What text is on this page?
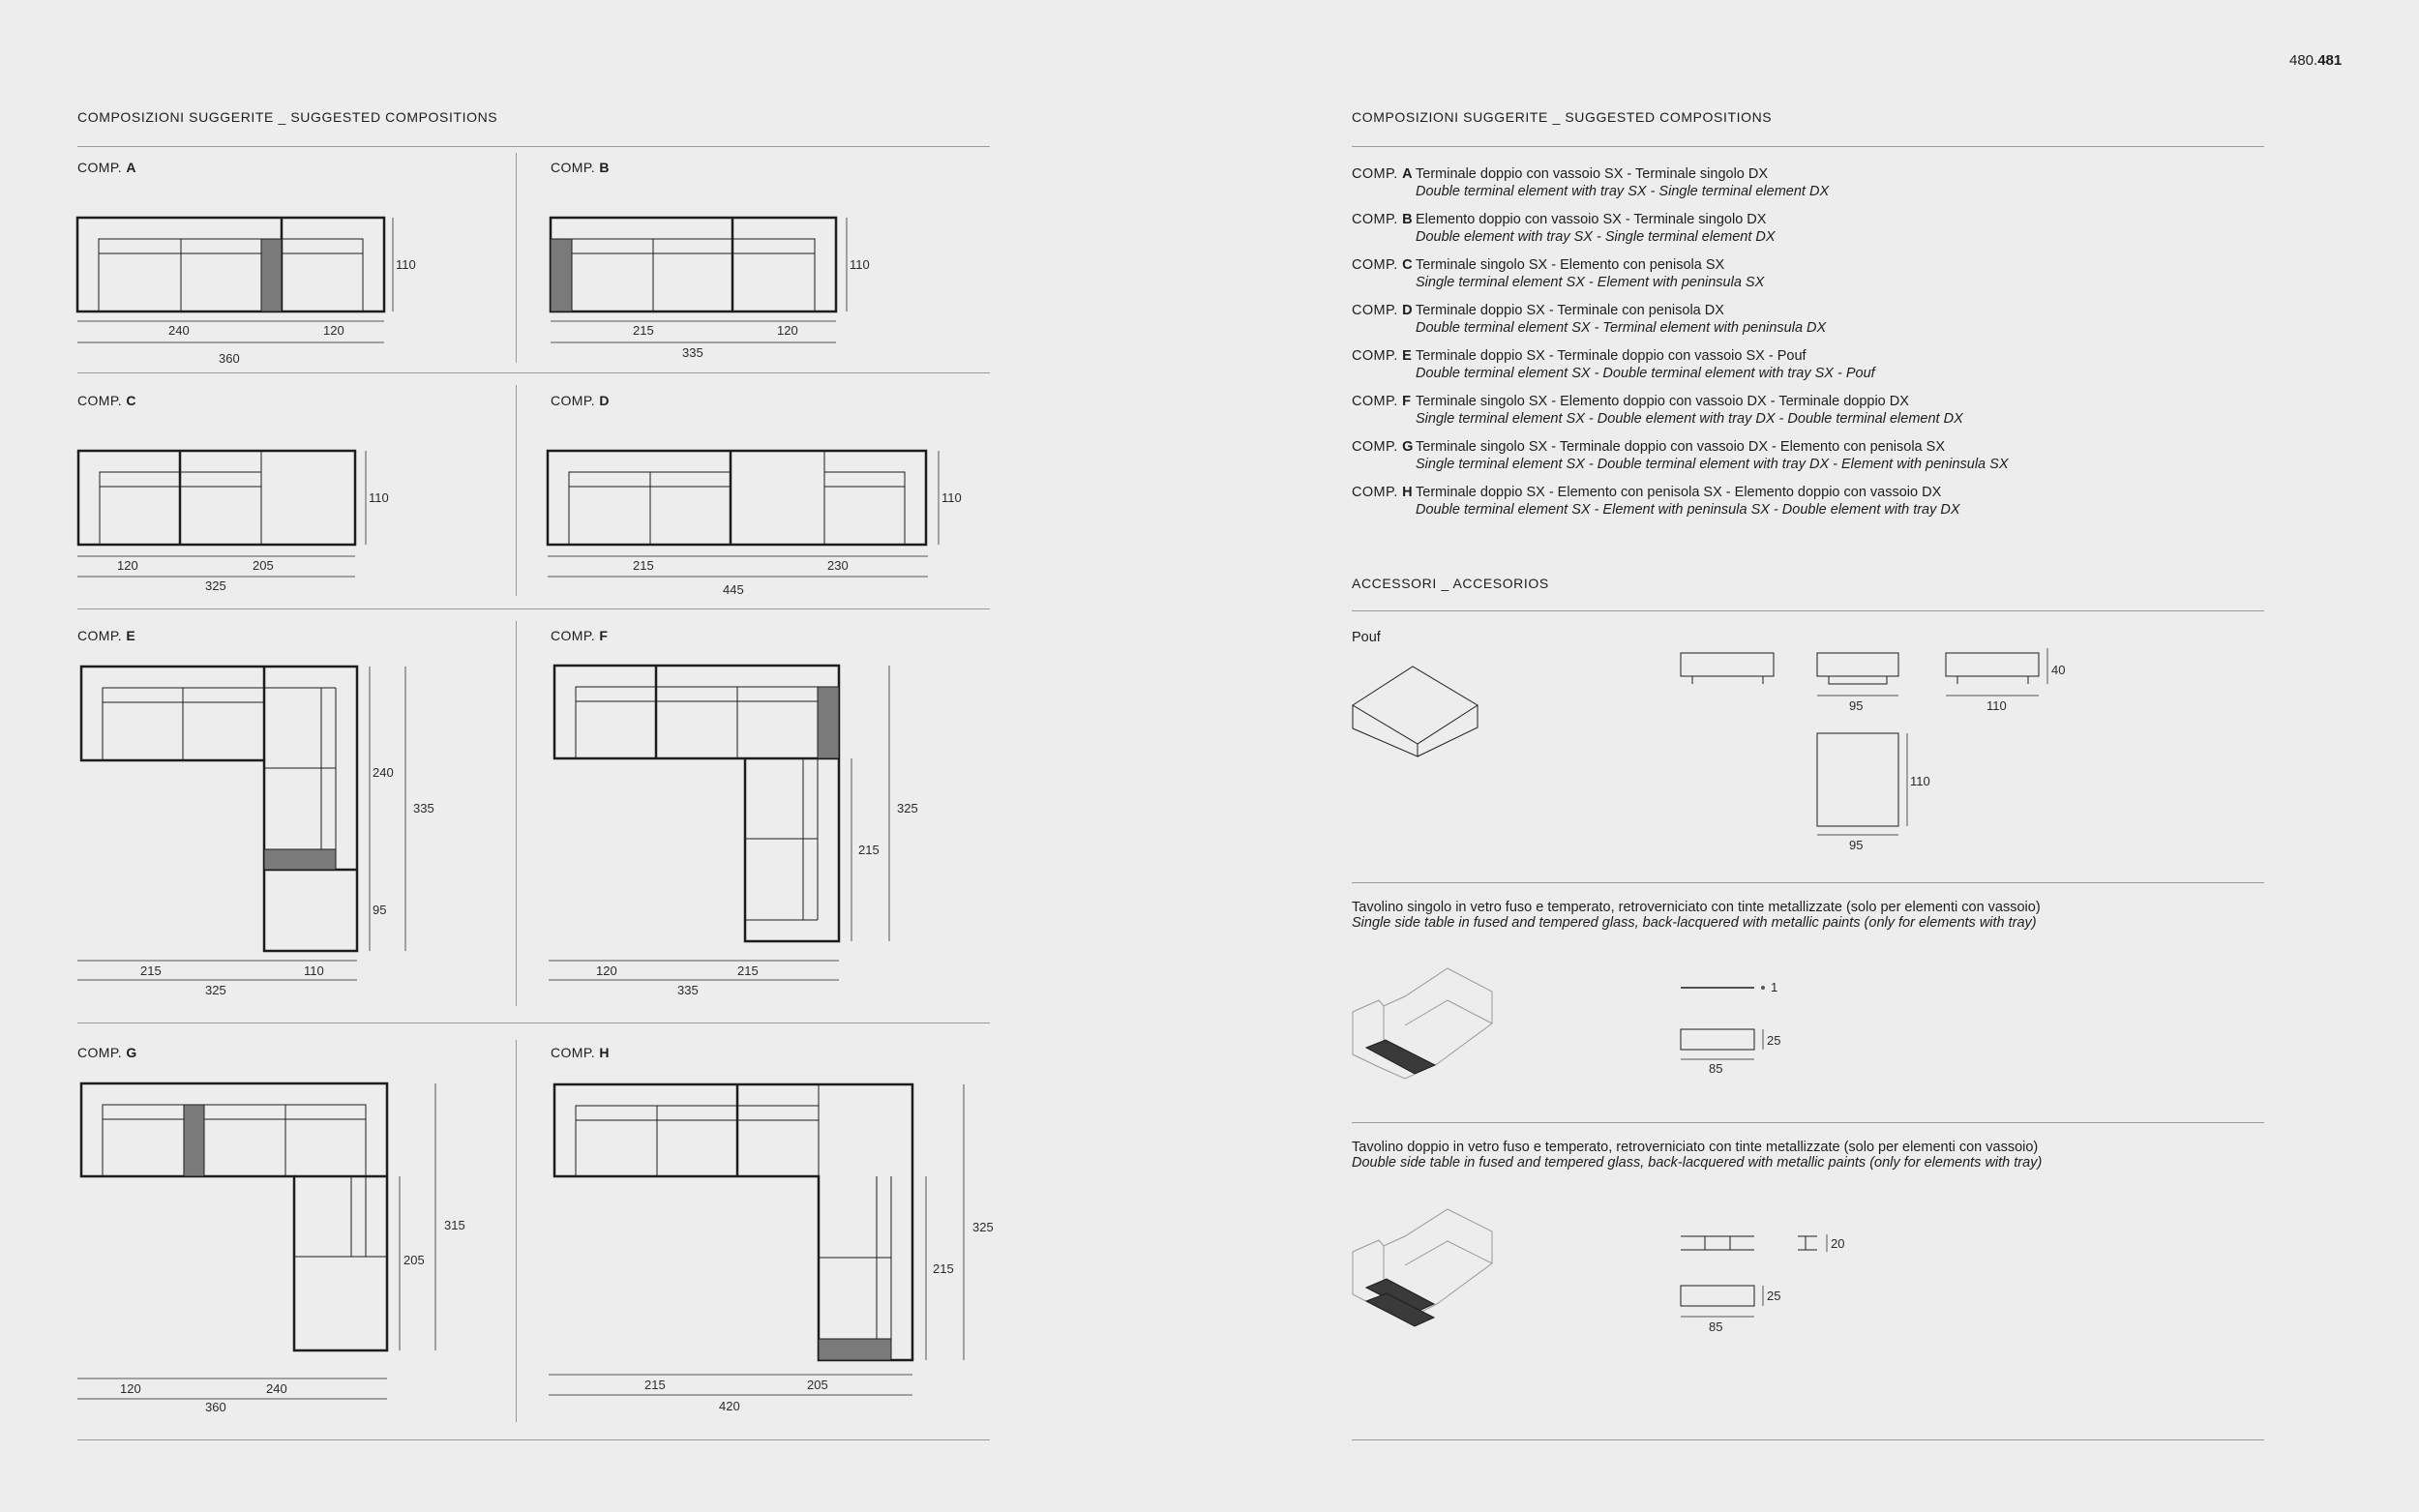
480.481
COMPOSIZIONI SUGGERITE _ SUGGESTED COMPOSITIONS
COMP. A	COMP. B
COMP. C	COMP. D
COMP. E	COMP. F
COMP. G	COMP. H
110
240	120
360
110
215	120
335
110
120	205
325
110
215	230
445
240
335
95
215	110
325
215
325
120	215
335
315
205
120	240
360
325
215
215	205
420
40
95	110
110
95
1
25
85
20
25
85
COMPOSIZIONI SUGGERITE _ SUGGESTED COMPOSITIONS
COMP. A Terminale doppio con vassoio SX - Terminale singolo DX
Double terminal element with tray SX - Single terminal element DX
COMP. B Elemento doppio con vassoio SX - Terminale singolo DX
Double element with tray SX - Single terminal element DX
COMP. C Terminale singolo SX - Elemento con penisola SX
Single terminal element SX - Element with peninsula SX
COMP. D Terminale doppio SX - Terminale con penisola DX
Double terminal element SX - Terminal element with peninsula DX
COMP. E Terminale doppio SX - Terminale doppio con vassoio SX - Pouf
Double terminal element SX - Double terminal element with tray SX - Pouf
COMP. F Terminale singolo SX - Elemento doppio con vassoio DX - Terminale doppio DX
Single terminal element SX - Double element with tray DX - Double terminal element DX
COMP. G Terminale singolo SX - Terminale doppio con vassoio DX - Elemento con penisola SX
Single terminal element SX - Double terminal element with tray DX - Element with peninsula SX
COMP. H Terminale doppio SX - Elemento con penisola SX - Elemento doppio con vassoio DX
Double terminal element SX - Element with peninsula SX - Double element with tray DX
ACCESSORI _ ACCESORIOS
Pouf
Tavolino singolo in vetro fuso e temperato, retroverniciato con tinte metallizzate (solo per elementi con vassoio)
Single side table in fused and tempered glass, back-lacquered with metallic paints (only for elements with tray)
Tavolino doppio in vetro fuso e temperato, retroverniciato con tinte metallizzate (solo per elementi con vassoio)
Double side table in fused and tempered glass, back-lacquered with metallic paints (only for elements with tray)
